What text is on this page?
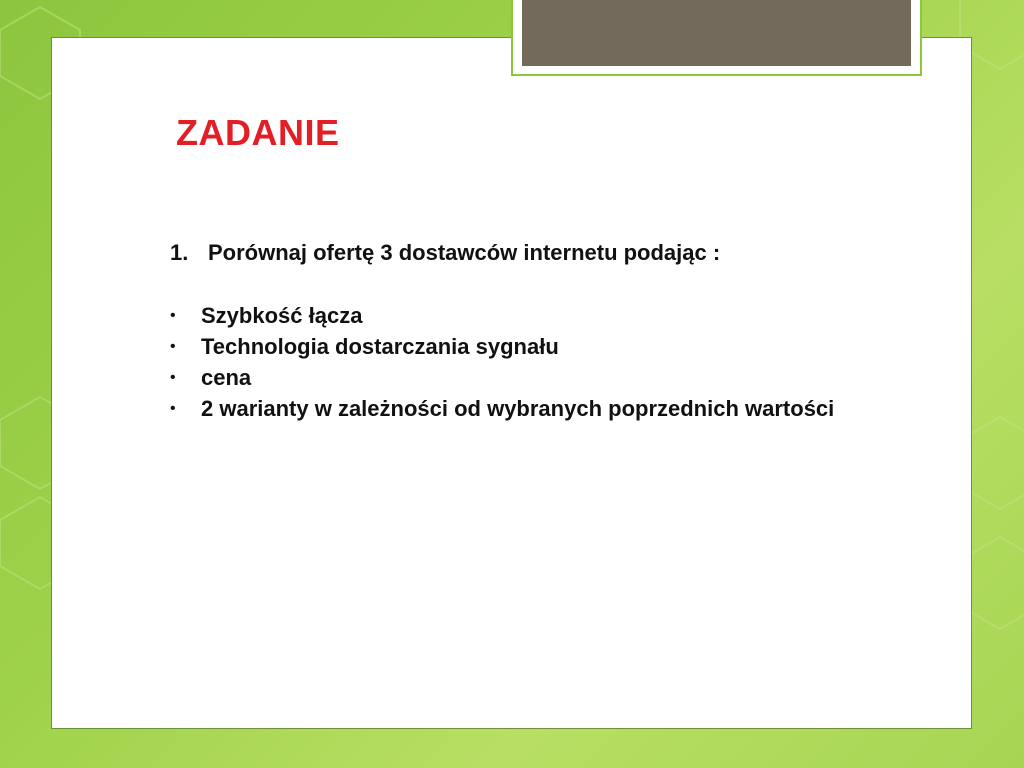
ZADANIE
1. Porównaj ofertę 3 dostawców internetu podając :
• Szybkość łącza
• Technologia dostarczania sygnału
• cena
• 2 warianty w zależności od wybranych poprzednich wartości
